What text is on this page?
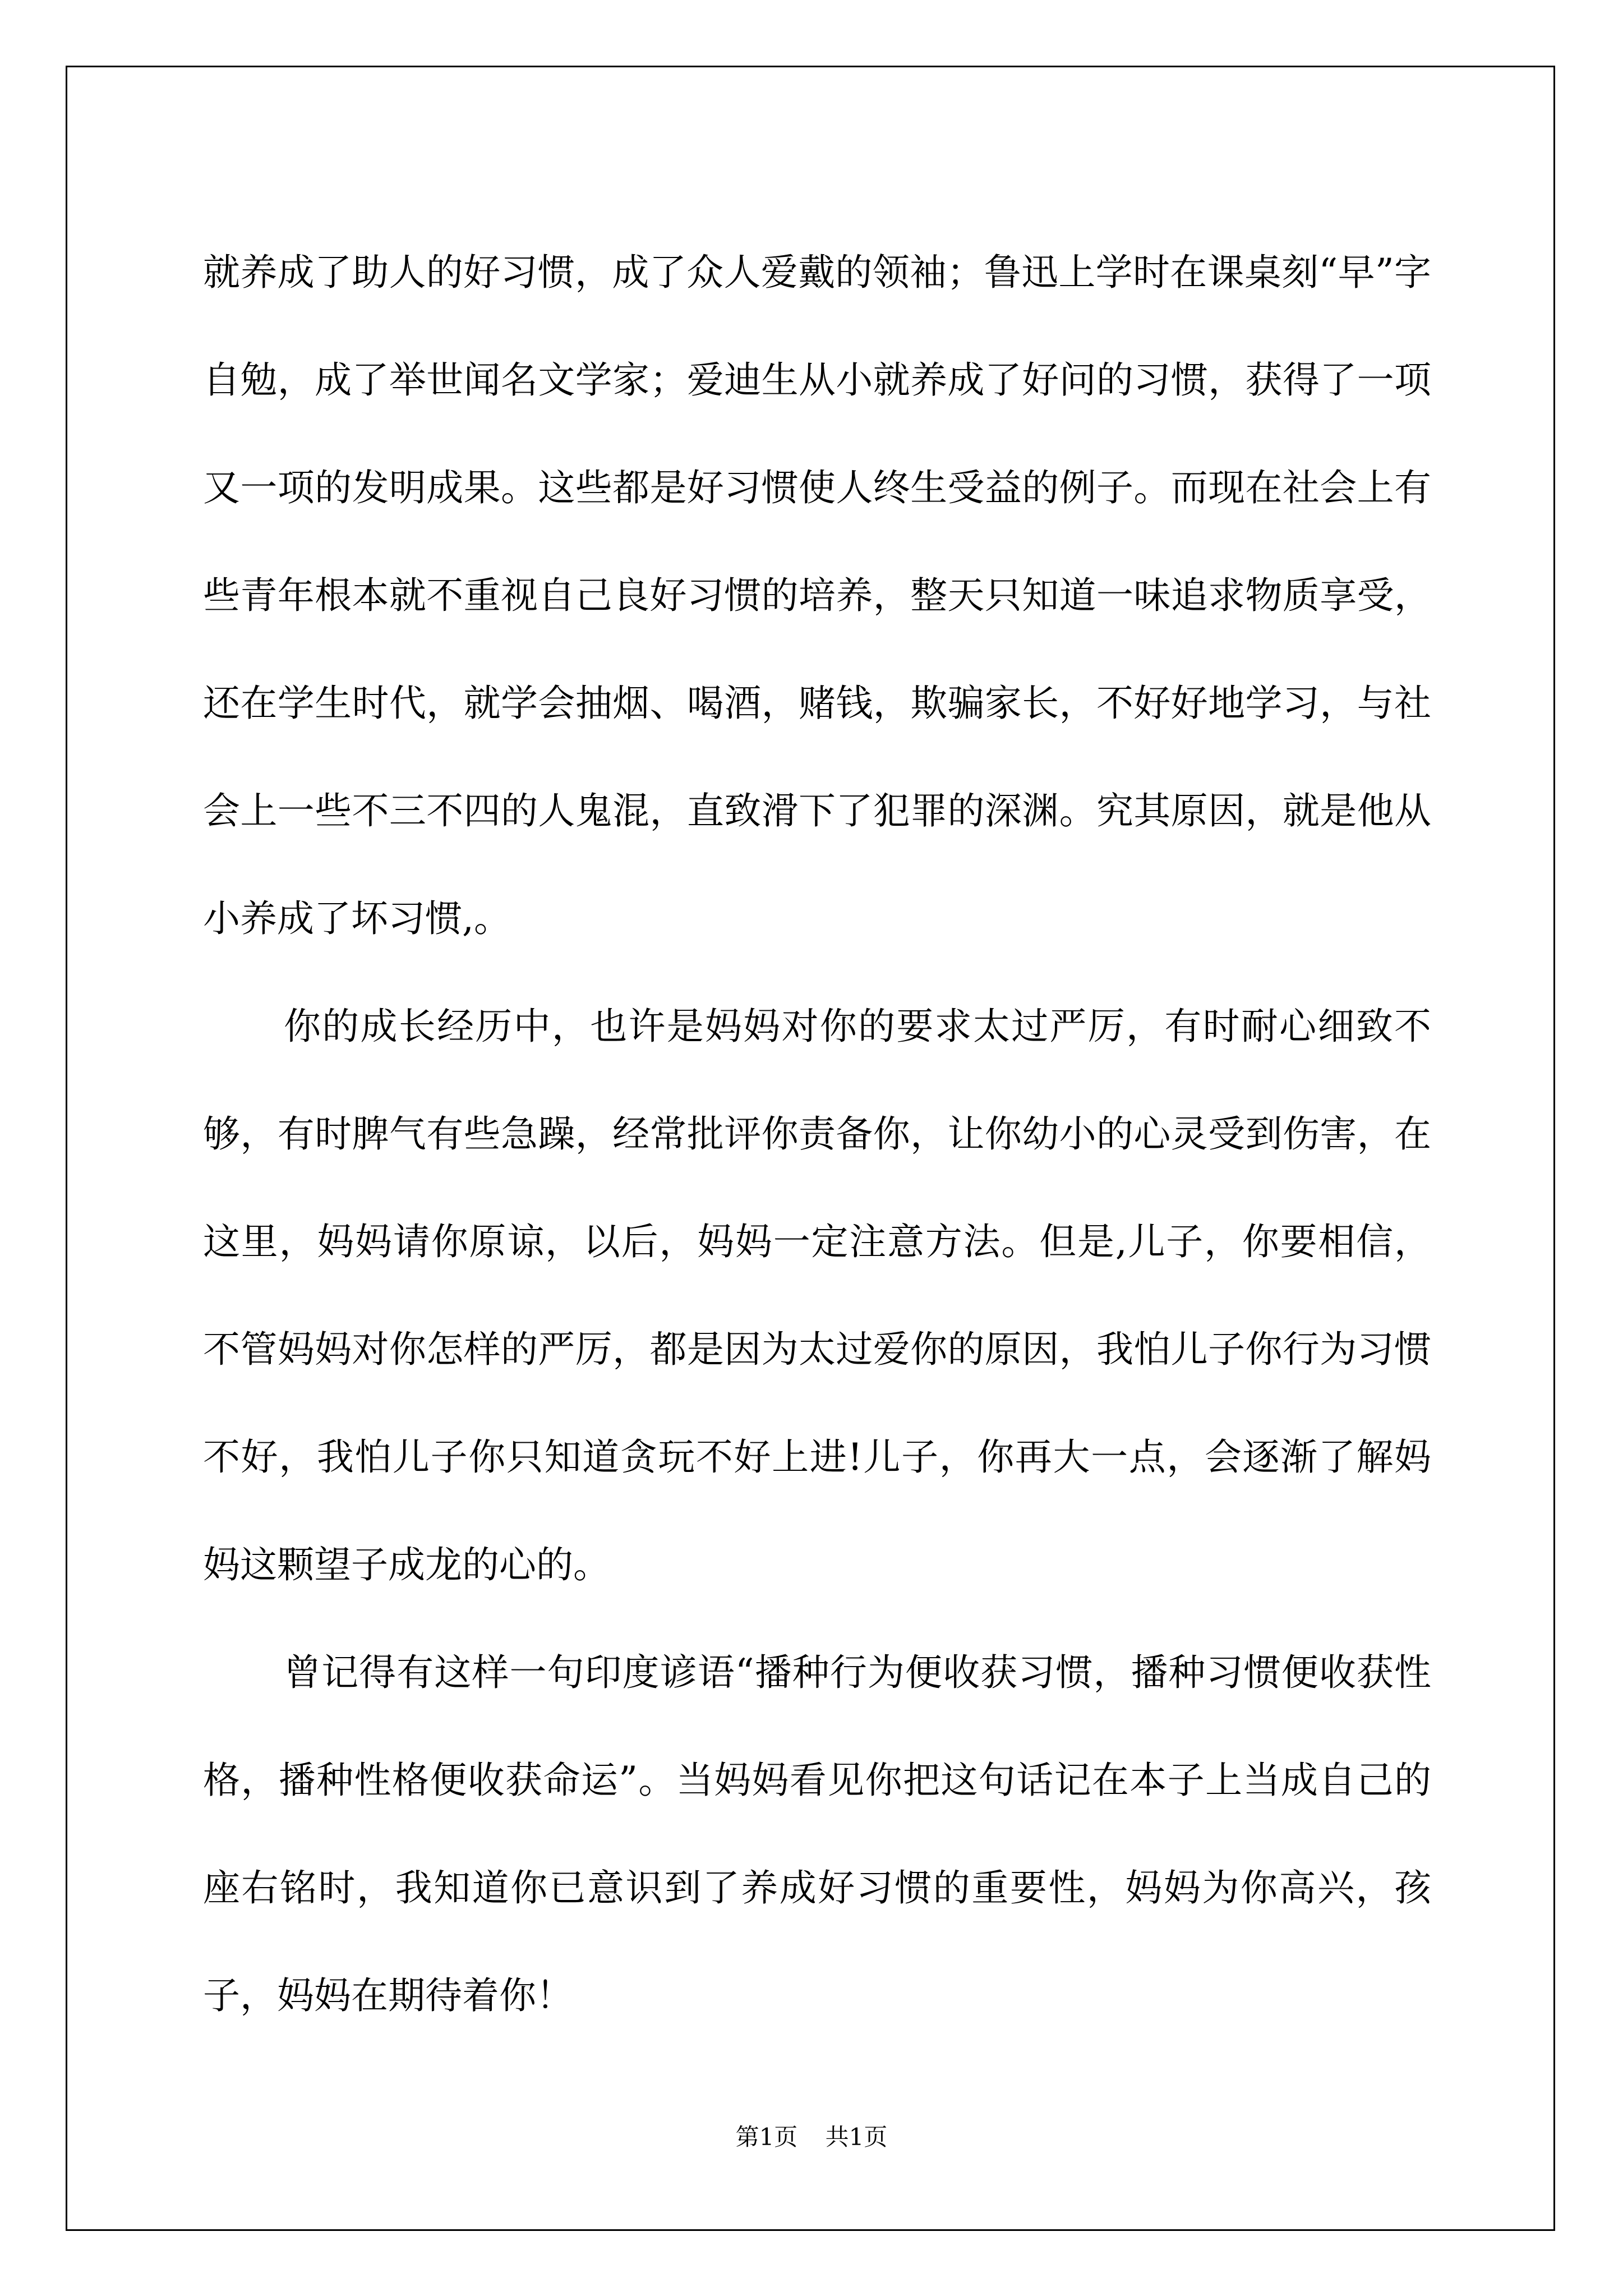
就养成了助人的好习惯，成了众人爱戴的领袖；鲁迅上学时在课桌刻“早”字自勉，成了举世闻名文学家；爱迪生从小就养成了好问的习惯，获得了一项又一项的发明成果。这些都是好习惯使人终生受益的例子。而现在社会上有些青年根本就不重视自己良好习惯的培养，整天只知道一味追求物质享受，还在学生时代，就学会抽烟、喝酒，赌钱，欺骗家长，不好好地学习，与社会上一些不三不四的人鬼混，直致滑下了犯罪的深渊。究其原因，就是他从小养成了坏习惯,。

你的成长经历中，也许是妈妈对你的要求太过严厉，有时耐心细致不够，有时脾气有些急躁，经常批评你责备你，让你幼小的心灵受到伤害，在这里，妈妈请你原谅，以后，妈妈一定注意方法。但是,儿子，你要相信，不管妈妈对你怎样的严厉，都是因为太过爱你的原因，我怕儿子你行为习惯不好，我怕儿子你只知道贪玩不好上进!儿子，你再大一点，会逐渐了解妈妈这颗望子成龙的心的。

曾记得有这样一句印度谚语“播种行为便收获习惯，播种习惯便收获性格，播种性格便收获命运”。当妈妈看见你把这句话记在本子上当成自己的座右铭时，我知道你已意识到了养成好习惯的重要性，妈妈为你高兴，孩子，妈妈在期待着你！

第1页 共1页
